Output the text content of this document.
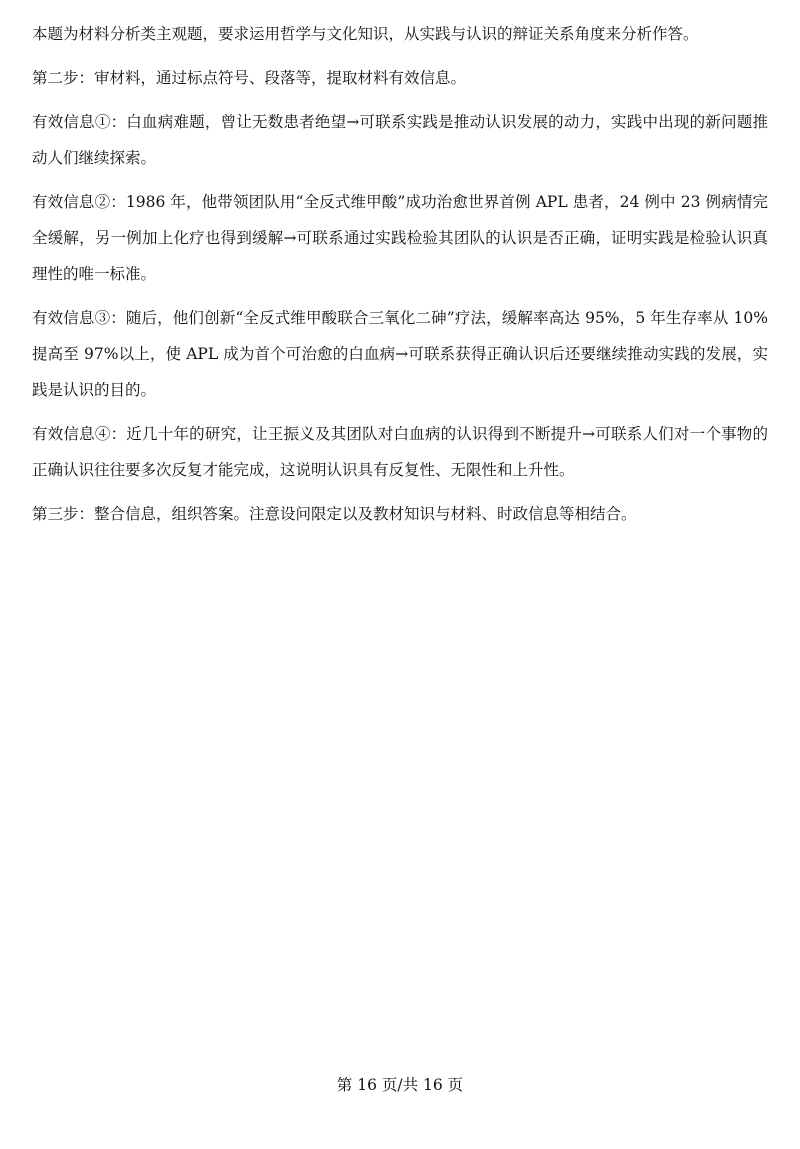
本题为材料分析类主观题，要求运用哲学与文化知识，从实践与认识的辩证关系角度来分析作答。

第二步：审材料，通过标点符号、段落等，提取材料有效信息。

有效信息①：白血病难题，曾让无数患者绝望→可联系实践是推动认识发展的动力，实践中出现的新问题推动人们继续探索。

有效信息②：1986 年，他带领团队用“全反式维甲酸”成功治愈世界首例 APL 患者，24 例中 23 例病情完全缓解，另一例加上化疗也得到缓解→可联系通过实践检验其团队的认识是否正确，证明实践是检验认识真理性的唯一标准。

有效信息③：随后，他们创新“全反式维甲酸联合三氧化二砷”疗法，缓解率高达 95%，5 年生存率从 10%提高至 97%以上，使 APL 成为首个可治愈的白血病→可联系获得正确认识后还要继续推动实践的发展，实践是认识的目的。

有效信息④：近几十年的研究，让王振义及其团队对白血病的认识得到不断提升→可联系人们对一个事物的正确认识往往要多次反复才能完成，这说明认识具有反复性、无限性和上升性。

第三步：整合信息，组织答案。注意设问限定以及教材知识与材料、时政信息等相结合。

第 16 页/共 16 页
